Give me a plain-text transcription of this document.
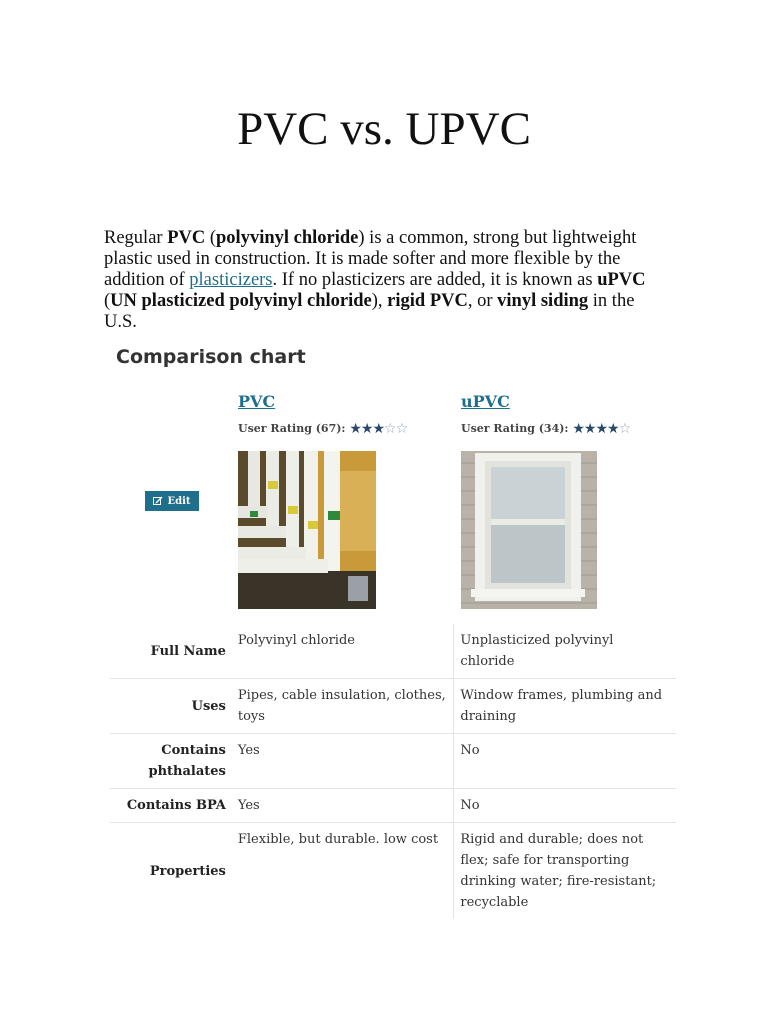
PVC vs. UPVC

Regular PVC (polyvinyl chloride) is a common, strong but lightweight plastic used in construction. It is made softer and more flexible by the addition of plasticizers. If no plasticizers are added, it is known as uPVC (UN plasticized polyvinyl chloride), rigid PVC, or vinyl siding in the U.S.

Comparison chart
PVC
User Rating (67): ★★★☆☆
uPVC
User Rating (34): ★★★★☆
Edit
Full Name	Polyvinyl chloride	Unplasticized polyvinyl chloride
Uses	Pipes, cable insulation, clothes, toys	Window frames, plumbing and draining
Contains phthalates	Yes	No
Contains BPA	Yes	No
Properties	Flexible, but durable. low cost	Rigid and durable; does not flex; safe for transporting drinking water; fire-resistant; recyclable
